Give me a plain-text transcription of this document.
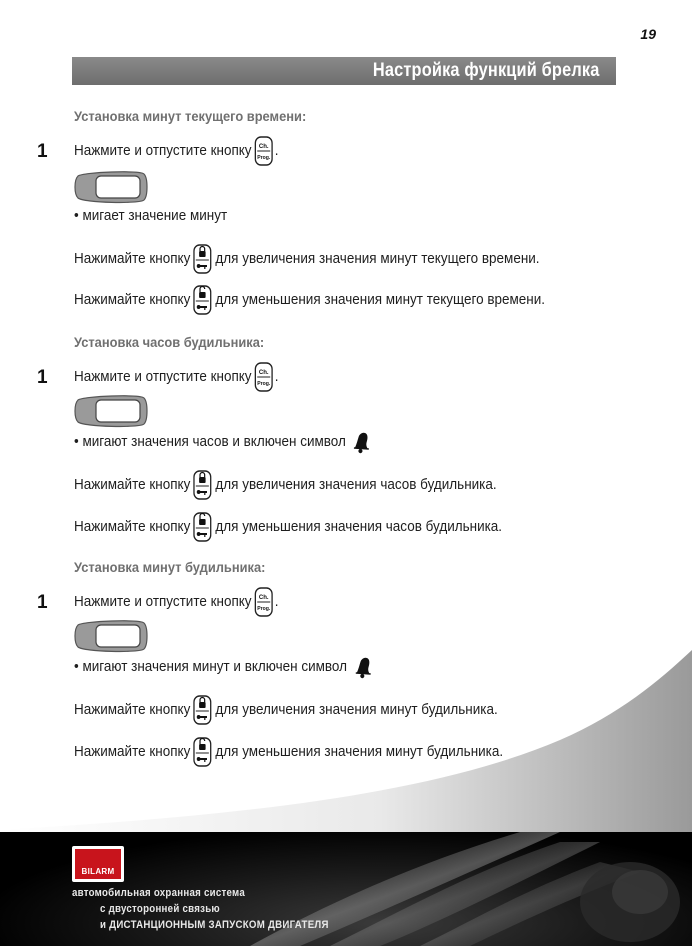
19
Настройка функций брелка
Установка минут текущего времени:
1 Нажмите и отпустите кнопку Ch.
Prog. .
• мигает значение минут
Нажимайте кнопку для увеличения значения минут текущего времени.
Нажимайте кнопку для уменьшения значения минут текущего времени.
Установка часов будильника:
1 Нажмите и отпустите кнопку Ch.
Prog. .
• мигают значения часов и включен символ
Нажимайте кнопку для увеличения значения часов будильника.
Нажимайте кнопку для уменьшения значения часов будильника.
Установка минут будильника:
1 Нажмите и отпустите кнопку Ch.
Prog. .
• мигают значения минут и включен символ
Нажимайте кнопку для увеличения значения минут будильника.
Нажимайте кнопку для уменьшения значения минут будильника.
BILARM
автомобильная охранная система
с двусторонней связью
и ДИСТАНЦИОННЫМ ЗАПУСКОМ ДВИГАТЕЛЯ
